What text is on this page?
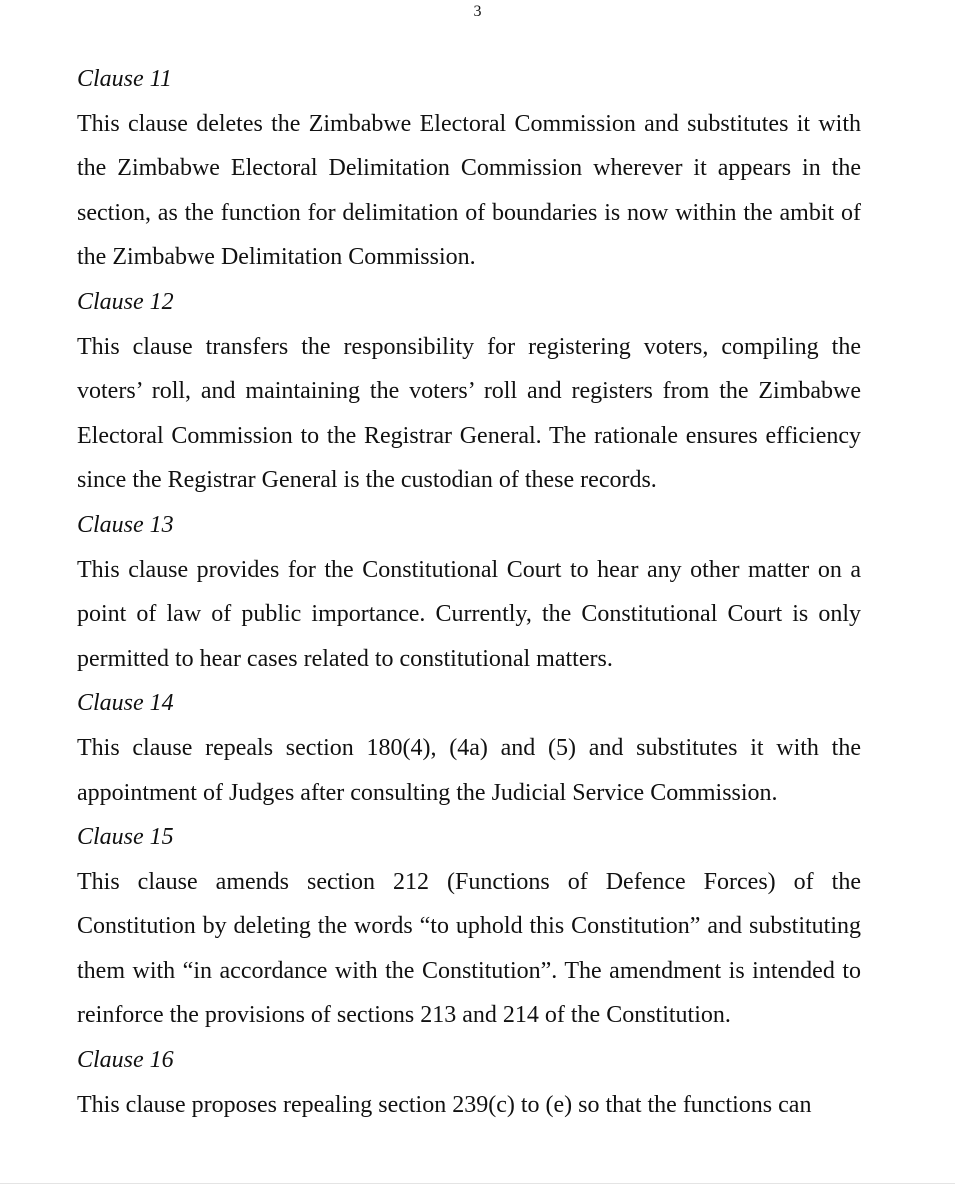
3

Clause 11

This clause deletes the Zimbabwe Electoral Commission and substitutes it with the Zimbabwe Electoral Delimitation Commission wherever it appears in the section, as the function for delimitation of boundaries is now within the ambit of the Zimbabwe Delimitation Commission.

Clause 12

This clause transfers the responsibility for registering voters, compiling the voters’ roll, and maintaining the voters’ roll and registers from the Zimbabwe Electoral Commission to the Registrar General. The rationale ensures efficiency since the Registrar General is the custodian of these records.

Clause 13

This clause provides for the Constitutional Court to hear any other matter on a point of law of public importance. Currently, the Constitutional Court is only permitted to hear cases related to constitutional matters.

Clause 14

This clause repeals section 180(4), (4a) and (5) and substitutes it with the appointment of Judges after consulting the Judicial Service Commission.

Clause 15

This clause amends section 212 (Functions of Defence Forces) of the Constitution by deleting the words “to uphold this Constitution” and substituting them with “in accordance with the Constitution”. The amendment is intended to reinforce the provisions of sections 213 and 214 of the Constitution.

Clause 16

This clause proposes repealing section 239(c) to (e) so that the functions can
